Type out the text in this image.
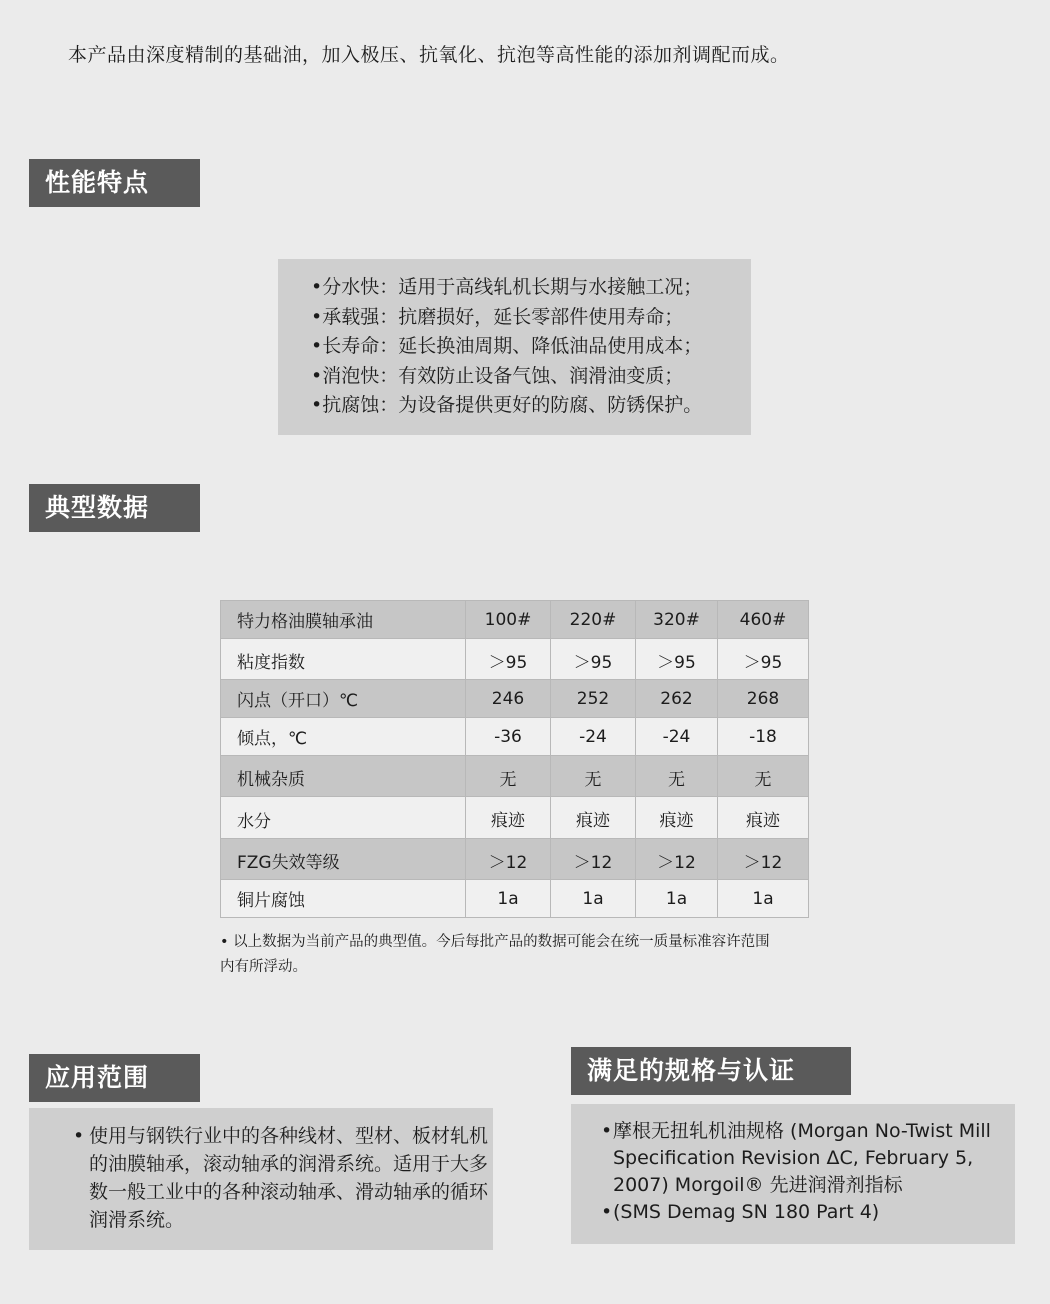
本产品由深度精制的基础油，加入极压、抗氧化、抗泡等高性能的添加剂调配而成。
性能特点
•分水快：适用于高线轧机长期与水接触工况；
•承载强：抗磨损好，延长零部件使用寿命；
•长寿命：延长换油周期、降低油品使用成本；
•消泡快：有效防止设备气蚀、润滑油变质；
•抗腐蚀：为设备提供更好的防腐、防锈保护。
典型数据
特力格油膜轴承油	100#	220#	320#	460#
粘度指数	＞95	＞95	＞95	＞95
闪点（开口）℃	246	252	262	268
倾点，℃	-36	-24	-24	-18
机械杂质	无	无	无	无
水分	痕迹	痕迹	痕迹	痕迹
FZG失效等级	＞12	＞12	＞12	＞12
铜片腐蚀	1a	1a	1a	1a
• 以上数据为当前产品的典型值。今后每批产品的数据可能会在统一质量标准容许范围
内有所浮动。
应用范围
• 使用与钢铁行业中的各种线材、型材、板材轧机的油膜轴承，滚动轴承的润滑系统。适用于大多数一般工业中的各种滚动轴承、滑动轴承的循环润滑系统。
满足的规格与认证
• 摩根无扭轧机油规格 (Morgan No-Twist Mill Specification Revision ΔC, February 5, 2007) Morgoil® 先进润滑剂指标
• (SMS Demag SN 180 Part 4)
